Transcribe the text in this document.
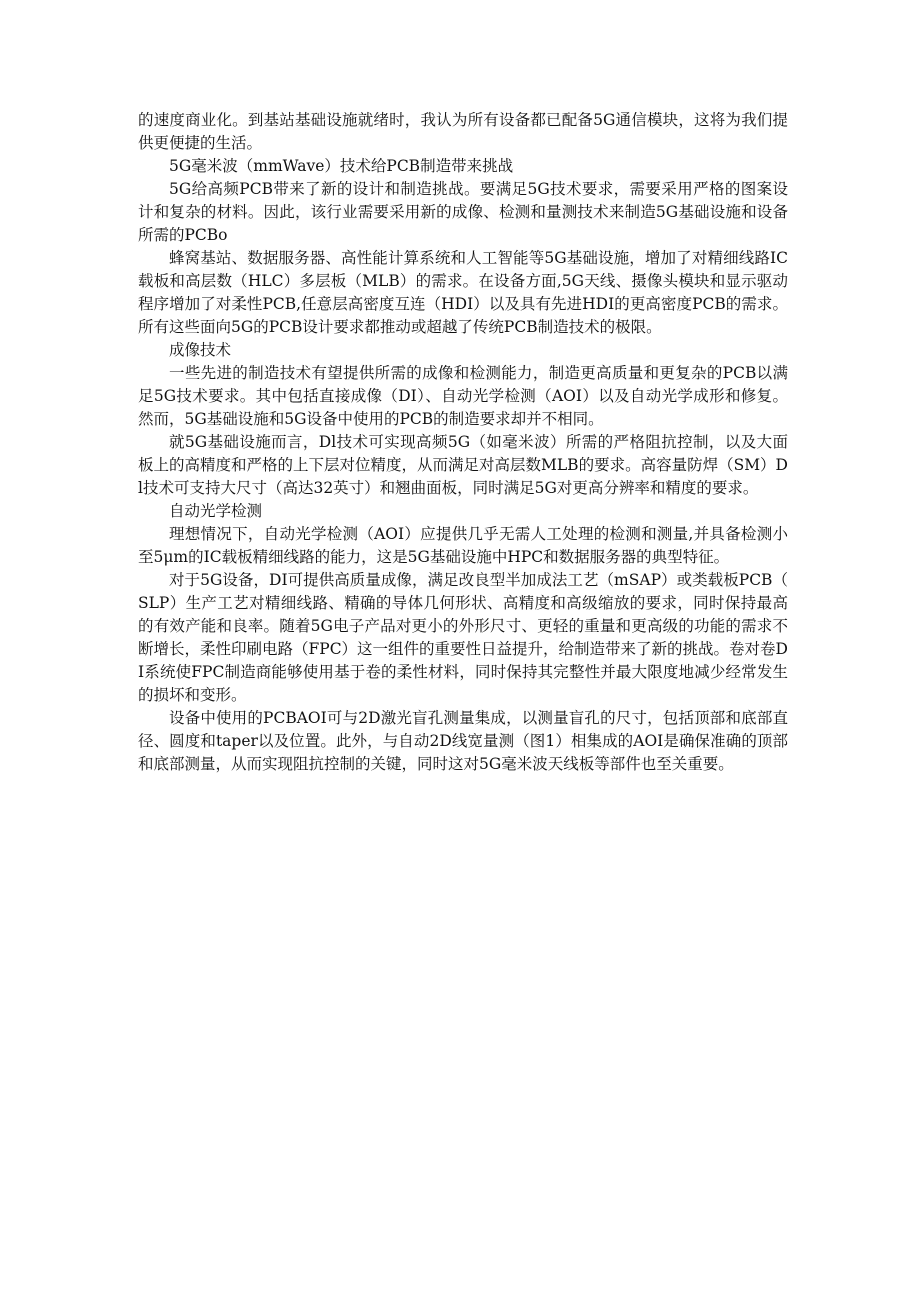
的速度商业化。到基站基础设施就绪时，我认为所有设备都已配备5G通信模块，这将为我们提供更便捷的生活。

5G毫米波（mmWave）技术给PCB制造带来挑战

5G给高频PCB带来了新的设计和制造挑战。要满足5G技术要求，需要采用严格的图案设计和复杂的材料。因此，该行业需要采用新的成像、检测和量测技术来制造5G基础设施和设备所需的PCBo

蜂窝基站、数据服务器、高性能计算系统和人工智能等5G基础设施，增加了对精细线路IC载板和高层数（HLC）多层板（MLB）的需求。在设备方面,5G天线、摄像头模块和显示驱动程序增加了对柔性PCB,任意层高密度互连（HDI）以及具有先进HDI的更高密度PCB的需求。所有这些面向5G的PCB设计要求都推动或超越了传统PCB制造技术的极限。

成像技术

一些先进的制造技术有望提供所需的成像和检测能力，制造更高质量和更复杂的PCB以满足5G技术要求。其中包括直接成像（DI）、自动光学检测（AOI）以及自动光学成形和修复。然而，5G基础设施和5G设备中使用的PCB的制造要求却并不相同。

就5G基础设施而言，Dl技术可实现高频5G（如毫米波）所需的严格阻抗控制，以及大面板上的高精度和严格的上下层对位精度，从而满足对高层数MLB的要求。高容量防焊（SM）Dl技术可支持大尺寸（高达32英寸）和翘曲面板，同时满足5G对更高分辨率和精度的要求。

自动光学检测

理想情况下，自动光学检测（AOI）应提供几乎无需人工处理的检测和测量,并具备检测小至5μm的IC载板精细线路的能力，这是5G基础设施中HPC和数据服务器的典型特征。

对于5G设备，DI可提供高质量成像，满足改良型半加成法工艺（mSAP）或类载板PCB（SLP）生产工艺对精细线路、精确的导体几何形状、高精度和高级缩放的要求，同时保持最高的有效产能和良率。随着5G电子产品对更小的外形尺寸、更轻的重量和更高级的功能的需求不断增长，柔性印刷电路（FPC）这一组件的重要性日益提升，给制造带来了新的挑战。卷对卷DI系统使FPC制造商能够使用基于卷的柔性材料，同时保持其完整性并最大限度地减少经常发生的损坏和变形。

设备中使用的PCBAOI可与2D激光盲孔测量集成，以测量盲孔的尺寸，包括顶部和底部直径、圆度和taper以及位置。此外，与自动2D线宽量测（图1）相集成的AOI是确保准确的顶部和底部测量，从而实现阻抗控制的关键，同时这对5G毫米波天线板等部件也至关重要。
